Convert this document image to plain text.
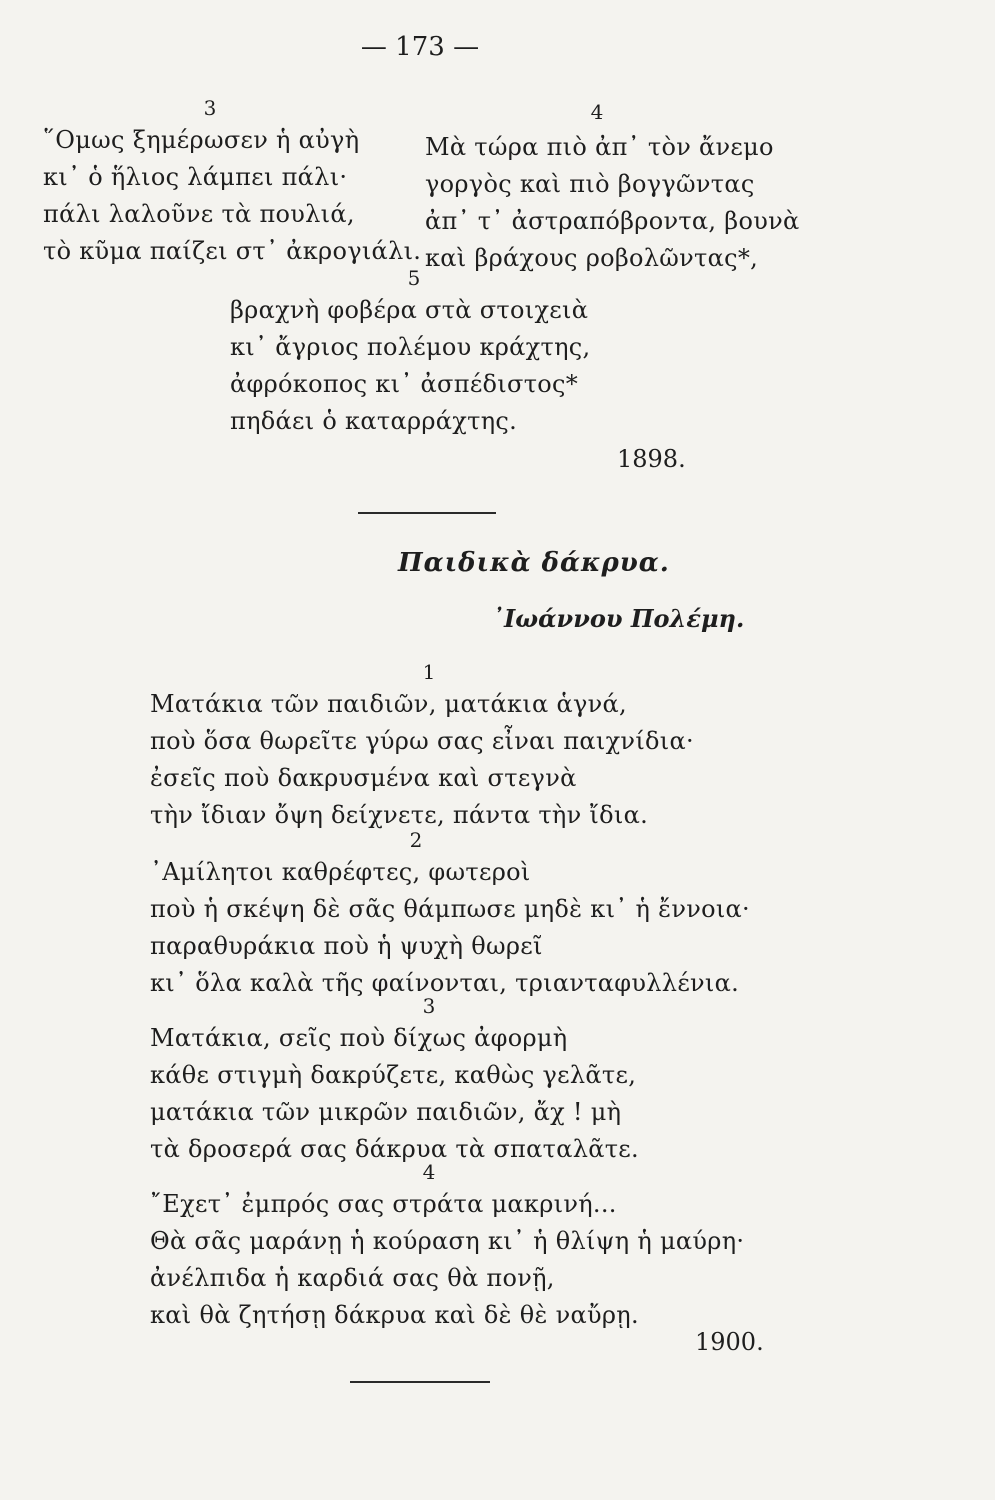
— 173 —
3
῞Ομως ξημέρωσεν ἡ αὐγὴ
κι᾽ ὁ ἥλιος λάμπει πάλι·
πάλι λαλοῦνε τὰ πουλιά,
τὸ κῦμα παίζει στ᾽ ἀκρογιάλι.
4
Μὰ τώρα πιὸ ἀπ᾽ τὸν ἄνεμο
γοργὸς καὶ πιὸ βογγῶντας
ἀπ᾽ τ᾽ ἀστραπόβροντα, βουνὰ
καὶ βράχους ροβολῶντας*,
5
βραχνὴ φοβέρα στὰ στοιχειὰ
κι᾽ ἄγριος πολέμου κράχτης,
ἀφρόκοπος κι᾽ ἀσπέδιστος*
πηδάει ὁ καταρράχτης.
1898.
Παιδικὰ δάκρυα.
᾽Ιωάννου Πολέμη.
1
Ματάκια τῶν παιδιῶν, ματάκια ἁγνά,
ποὺ ὅσα θωρεῖτε γύρω σας εἶναι παιχνίδια·
ἐσεῖς ποὺ δακρυσμένα καὶ στεγνὰ
τὴν ἴδιαν ὄψη δείχνετε, πάντα τὴν ἴδια.
2
᾽Αμίλητοι καθρέφτες, φωτεροὶ
ποὺ ἡ σκέψη δὲ σᾶς θάμπωσε μηδὲ κι᾽ ἡ ἔννοια·
παραθυράκια ποὺ ἡ ψυχὴ θωρεῖ
κι᾽ ὅλα καλὰ τῆς φαίνονται, τριανταφυλλένια.
3
Ματάκια, σεῖς ποὺ δίχως ἀφορμὴ
κάθε στιγμὴ δακρύζετε, καθὼς γελᾶτε,
ματάκια τῶν μικρῶν παιδιῶν, ἄχ ! μὴ
τὰ δροσερά σας δάκρυα τὰ σπαταλᾶτε.
4
῎Εχετ᾽ ἐμπρός σας στράτα μακρινή...
Θὰ σᾶς μαράνῃ ἡ κούραση κι᾽ ἡ θλίψη ἡ μαύρη·
ἀνέλπιδα ἡ καρδιά σας θὰ πονῇ,
καὶ θὰ ζητήσῃ δάκρυα καὶ δὲ θὲ ναὔρῃ.
1900.
